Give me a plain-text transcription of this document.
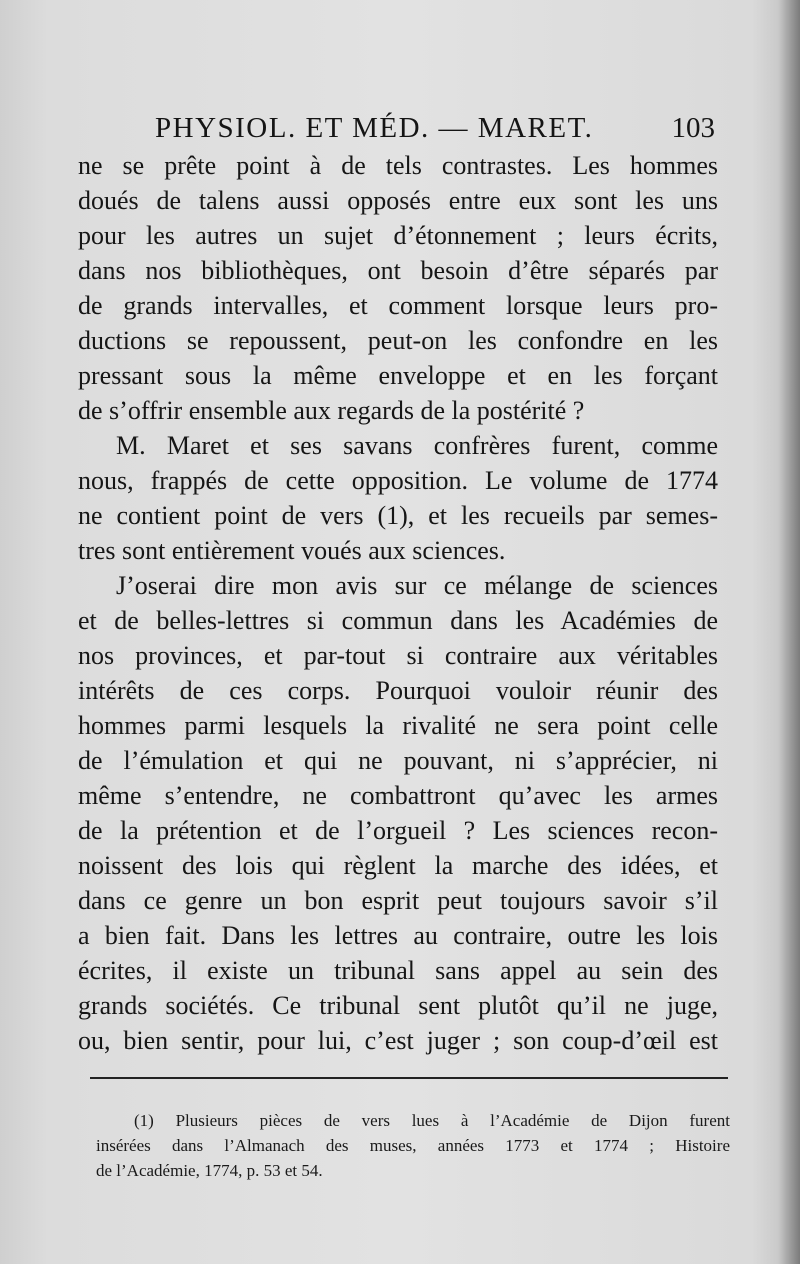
PHYSIOL. ET MÉD. — MARET.	103
ne se prête point à de tels contrastes. Les hommes
doués de talens aussi opposés entre eux sont les uns
pour les autres un sujet d’étonnement ; leurs écrits,
dans nos bibliothèques, ont besoin d’être séparés par
de grands intervalles, et comment lorsque leurs pro-
ductions se repoussent, peut-on les confondre en les
pressant sous la même enveloppe et en les forçant
de s’offrir ensemble aux regards de la postérité ?
M. Maret et ses savans confrères furent, comme
nous, frappés de cette opposition. Le volume de 1774
ne contient point de vers (1), et les recueils par semes-
tres sont entièrement voués aux sciences.
J’oserai dire mon avis sur ce mélange de sciences
et de belles-lettres si commun dans les Académies de
nos provinces, et par-tout si contraire aux véritables
intérêts de ces corps. Pourquoi vouloir réunir des
hommes parmi lesquels la rivalité ne sera point celle
de l’émulation et qui ne pouvant, ni s’apprécier, ni
même s’entendre, ne combattront qu’avec les armes
de la prétention et de l’orgueil ? Les sciences recon-
noissent des lois qui règlent la marche des idées, et
dans ce genre un bon esprit peut toujours savoir s’il
a bien fait. Dans les lettres au contraire, outre les lois
écrites, il existe un tribunal sans appel au sein des
grands sociétés. Ce tribunal sent plutôt qu’il ne juge,
ou, bien sentir, pour lui, c’est juger ; son coup-d’œil est
(1) Plusieurs pièces de vers lues à l’Académie de Dijon furent
insérées dans l’Almanach des muses, années 1773 et 1774 ; Histoire
de l’Académie, 1774, p. 53 et 54.
